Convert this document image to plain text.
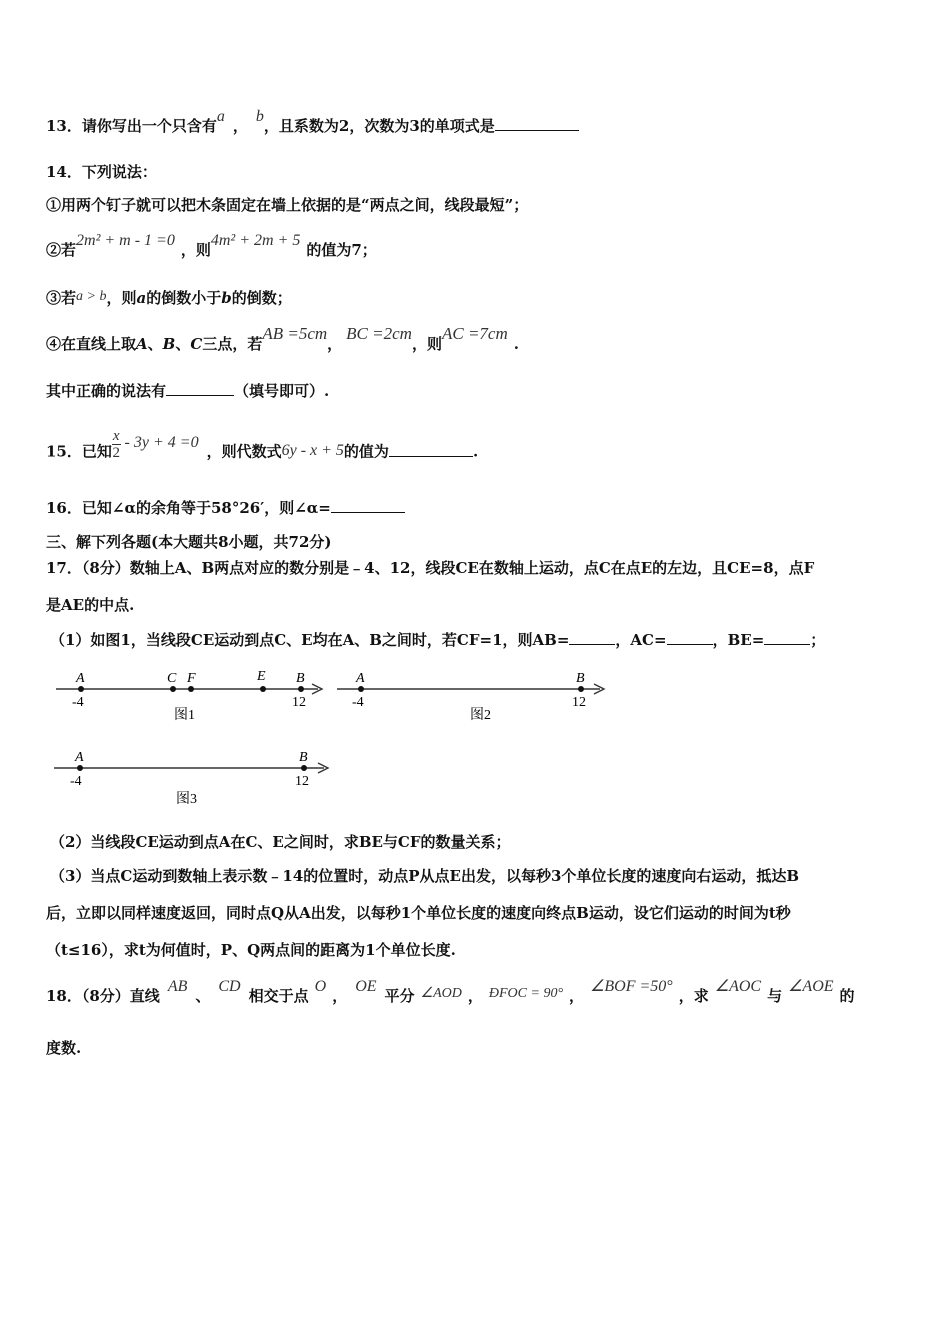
13．请你写出一个只含有a，b，且系数为2，次数为3的单项式是
14．下列说法：
①用两个钉子就可以把木条固定在墙上依据的是“两点之间，线段最短”；
②若2m² + m - 1 =0，则4m² + 2m + 5的值为7；
③若a > b，则a的倒数小于b的倒数；
④在直线上取A、B、C三点，若AB =5cm，BC =2cm，则AC =7cm.
其中正确的说法有	（填号即可）.
15．已知 $\frac{x}{2} - 3y + 4 =0$，则代数式6y - x + 5的值为	.
16．已知∠α的余角等于58°26′，则∠α=
三、解下列各题(本大题共8小题，共72分)
17．（8分）数轴上A、B两点对应的数分别是﹣4、12，线段CE在数轴上运动，点C在点E的左边，且CE=8，点F
是AE的中点.
（1）如图1，当线段CE运动到点C、E均在A、B之间时，若CF=1，则AB=	，AC=	，BE=	；
A	C F	E B
-4	12
图1
A	B
-4	12
图2
A	B
-4	12
图3
（2）当线段CE运动到点A在C、E之间时，求BE与CF的数量关系；
（3）当点C运动到数轴上表示数﹣14的位置时，动点P从点E出发，以每秒3个单位长度的速度向右运动，抵达B
后，立即以同样速度返回，同时点Q从A出发，以每秒1个单位长度的速度向终点B运动，设它们运动的时间为t秒
（t≤16），求t为何值时，P、Q两点间的距离为1个单位长度.
18．（8分）直线AB、CD相交于点O，OE平分 ∠AOD ， ÐFOC = 90° ，∠BOF =50°，求∠AOC与∠AOE的
度数.
